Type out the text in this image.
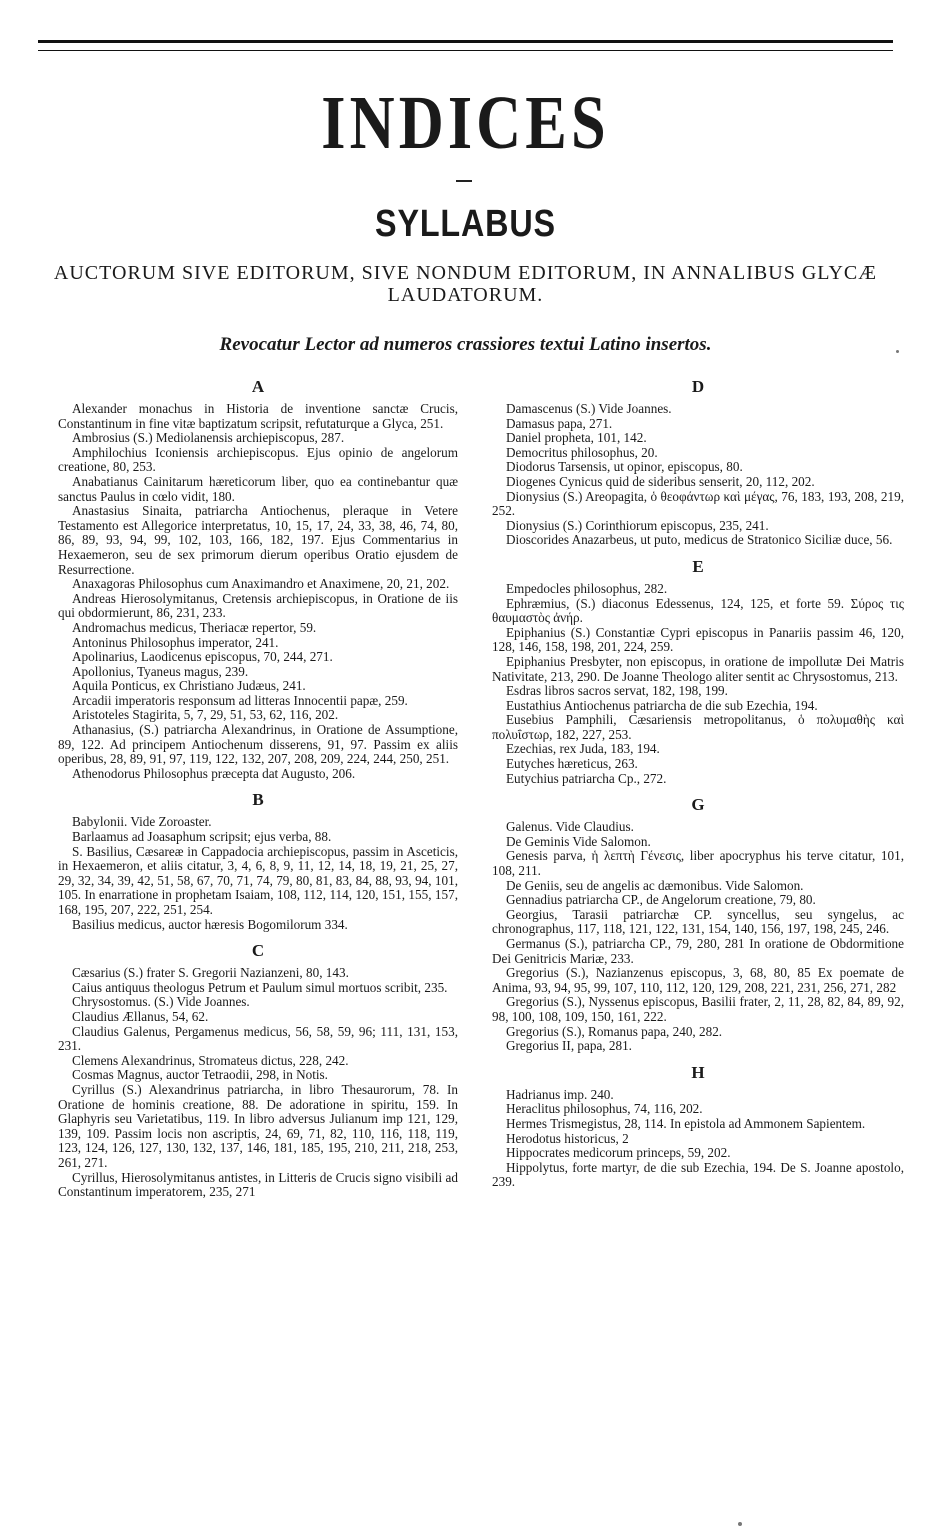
INDICES
SYLLABUS
AUCTORUM SIVE EDITORUM, SIVE NONDUM EDITORUM, IN ANNALIBUS GLYCÆ LAUDATORUM.
Revocatur Lector ad numeros crassiores textui Latino insertos.
A

Alexander monachus in Historia de inventione sanctæ Crucis, Constantinum in fine vitæ baptizatum scripsit, refutaturque a Glyca, 251.

Ambrosius (S.) Mediolanensis archiepiscopus, 287.

Amphilochius Iconiensis archiepiscopus. Ejus opinio de angelorum creatione, 80, 253.

Anabatianus Cainitarum hæreticorum liber, quo ea continebantur quæ sanctus Paulus in cœlo vidit, 180.

Anastasius Sinaita, patriarcha Antiochenus, pleraque in Vetere Testamento est Allegorice interpretatus, 10, 15, 17, 24, 33, 38, 46, 74, 80, 86, 89, 93, 94, 99, 102, 103, 166, 182, 197. Ejus Commentarius in Hexaemeron, seu de sex primorum dierum operibus Oratio ejusdem de Resurrectione.

Anaxagoras Philosophus cum Anaximandro et Anaximene, 20, 21, 202.

Andreas Hierosolymitanus, Cretensis archiepiscopus, in Oratione de iis qui obdormierunt, 86, 231, 233.

Andromachus medicus, Theriacæ repertor, 59.

Antoninus Philosophus imperator, 241.

Apolinarius, Laodicenus episcopus, 70, 244, 271.

Apollonius, Tyaneus magus, 239.

Aquila Ponticus, ex Christiano Judæus, 241.

Arcadii imperatoris responsum ad litteras Innocentii papæ, 259.

Aristoteles Stagirita, 5, 7, 29, 51, 53, 62, 116, 202.

Athanasius, (S.) patriarcha Alexandrinus, in Oratione de Assumptione, 89, 122. Ad principem Antiochenum disserens, 91, 97. Passim ex aliis operibus, 28, 89, 91, 97, 119, 122, 132, 207, 208, 209, 224, 244, 250, 251.

Athenodorus Philosophus præcepta dat Augusto, 206.

B

Babylonii. Vide Zoroaster.

Barlaamus ad Joasaphum scripsit; ejus verba, 88.

S. Basilius, Cæsareæ in Cappadocia archiepiscopus, passim in Asceticis, in Hexaemeron, et aliis citatur, 3, 4, 6, 8, 9, 11, 12, 14, 18, 19, 21, 25, 27, 29, 32, 34, 39, 42, 51, 58, 67, 70, 71, 74, 79, 80, 81, 83, 84, 88, 93, 94, 101, 105. In enarratione in prophetam Isaiam, 108, 112, 114, 120, 151, 155, 157, 168, 195, 207, 222, 251, 254.

Basilius medicus, auctor hæresis Bogomilorum 334.

C

Cæsarius (S.) frater S. Gregorii Nazianzeni, 80, 143.

Caius antiquus theologus Petrum et Paulum simul mortuos scribit, 235.

Chrysostomus. (S.) Vide Joannes.

Claudius Ællanus, 54, 62.

Claudius Galenus, Pergamenus medicus, 56, 58, 59, 96; 111, 131, 153, 231.

Clemens Alexandrinus, Stromateus dictus, 228, 242.

Cosmas Magnus, auctor Tetraodii, 298, in Notis.

Cyrillus (S.) Alexandrinus patriarcha, in libro Thesaurorum, 78. In Oratione de hominis creatione, 88. De adoratione in spiritu, 159. In Glaphyris seu Varietatibus, 119. In libro adversus Julianum imp 121, 129, 139, 109. Passim locis non ascriptis, 24, 69, 71, 82, 110, 116, 118, 119, 123, 124, 126, 127, 130, 132, 137, 146, 181, 185, 195, 210, 211, 218, 253, 261, 271.

Cyrillus, Hierosolymitanus antistes, in Litteris de Crucis signo visibili ad Constantinum imperatorem, 235, 271

D

Damascenus (S.) Vide Joannes.

Damasus papa, 271.

Daniel propheta, 101, 142.

Democritus philosophus, 20.

Diodorus Tarsensis, ut opinor, episcopus, 80.

Diogenes Cynicus quid de sideribus senserit, 20, 112, 202.

Dionysius (S.) Areopagita, ὁ θεοφάντωρ καὶ μέγας, 76, 183, 193, 208, 219, 252.

Dionysius (S.) Corinthiorum episcopus, 235, 241.

Dioscorides Anazarbeus, ut puto, medicus de Stratonico Siciliæ duce, 56.

E

Empedocles philosophus, 282.

Ephræmius, (S.) diaconus Edessenus, 124, 125, et forte 59. Σύρος τις θαυμαστὸς ἀνήρ.

Epiphanius (S.) Constantiæ Cypri episcopus in Panariis passim 46, 120, 128, 146, 158, 198, 201, 224, 259.

Epiphanius Presbyter, non episcopus, in oratione de impollutæ Dei Matris Nativitate, 213, 290. De Joanne Theologo aliter sentit ac Chrysostomus, 213.

Esdras libros sacros servat, 182, 198, 199.

Eustathius Antiochenus patriarcha de die sub Ezechia, 194.

Eusebius Pamphili, Cæsariensis metropolitanus, ὁ πολυμαθὴς καὶ πολυΐστωρ, 182, 227, 253.

Ezechias, rex Juda, 183, 194.

Eutyches hæreticus, 263.

Eutychius patriarcha Cp., 272.

G

Galenus. Vide Claudius.

De Geminis Vide Salomon.

Genesis parva, ἡ λεπτὴ Γένεσις, liber apocryphus his terve citatur, 101, 108, 211.

De Geniis, seu de angelis ac dæmonibus. Vide Salomon.

Gennadius patriarcha CP., de Angelorum creatione, 79, 80.

Georgius, Tarasii patriarchæ CP. syncellus, seu syngelus, ac chronographus, 117, 118, 121, 122, 131, 154, 140, 156, 197, 198, 245, 246.

Germanus (S.), patriarcha CP., 79, 280, 281 In oratione de Obdormitione Dei Genitricis Mariæ, 233.

Gregorius (S.), Nazianzenus episcopus, 3, 68, 80, 85 Ex poemate de Anima, 93, 94, 95, 99, 107, 110, 112, 120, 129, 208, 221, 231, 256, 271, 282

Gregorius (S.), Nyssenus episcopus, Basilii frater, 2, 11, 28, 82, 84, 89, 92, 98, 100, 108, 109, 150, 161, 222.

Gregorius (S.), Romanus papa, 240, 282.

Gregorius II, papa, 281.

H

Hadrianus imp. 240.

Heraclitus philosophus, 74, 116, 202.

Hermes Trismegistus, 28, 114. In epistola ad Ammonem Sapientem.

Herodotus historicus, 2

Hippocrates medicorum princeps, 59, 202.

Hippolytus, forte martyr, de die sub Ezechia, 194. De S. Joanne apostolo, 239.
